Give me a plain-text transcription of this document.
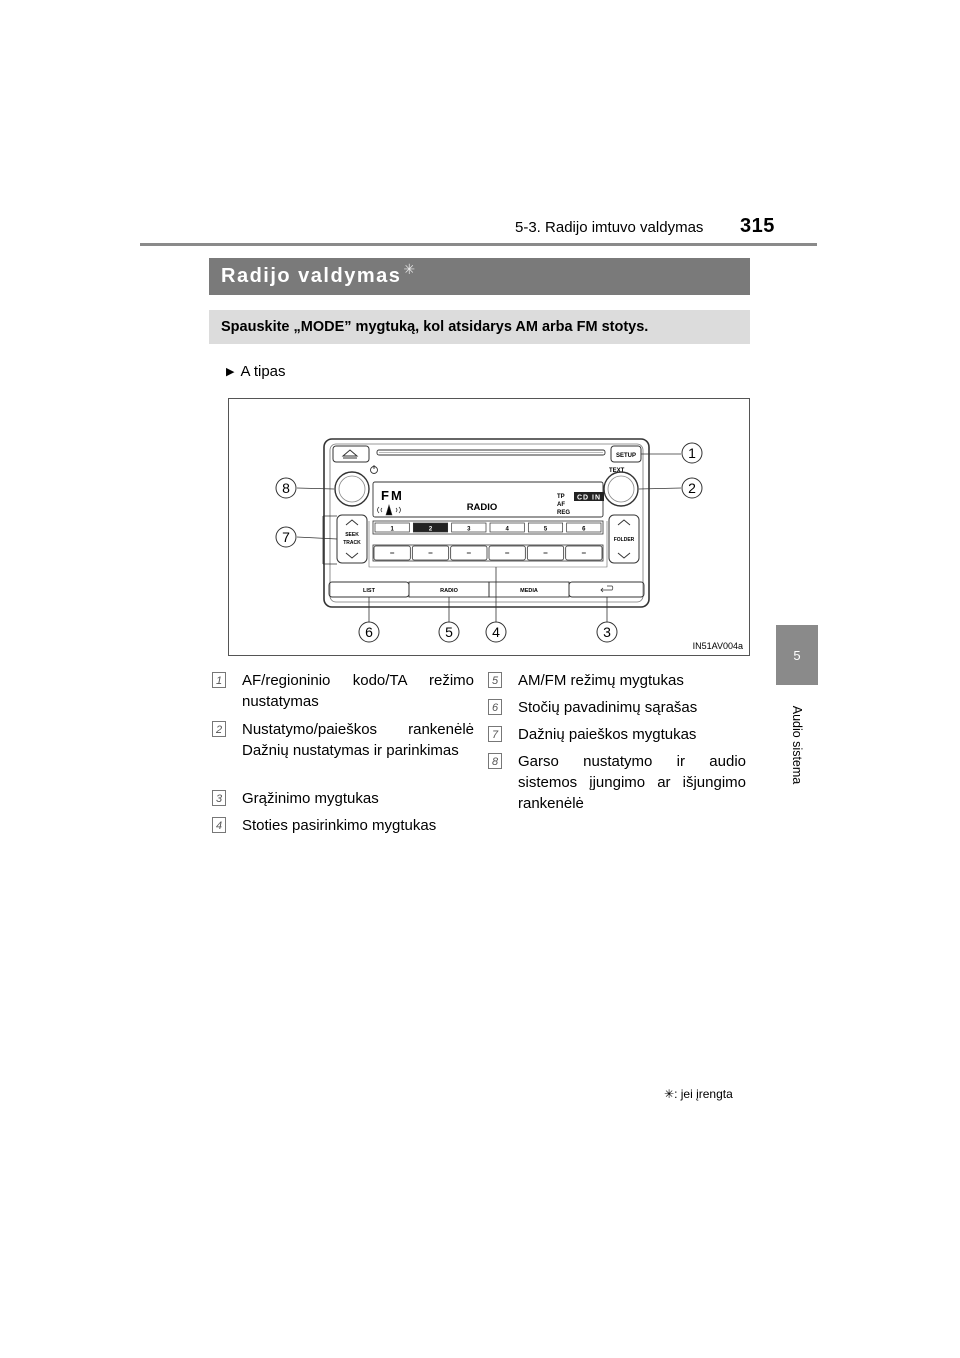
5-3. Radijo imtuvo valdymas 315
5
Audio sistema
Radijo valdymas ✳
Spauskite „MODE” mygtuką, kol atsidarys AM arba FM stotys.
▶ A tipas
SETUP
TEXT
FM
RADIO
TP
AF
REG
CD IN
SEEK
TRACK	FOLDER
1	2	3	4	5	6
LIST	RADIO	MEDIA
1
2
3
4
5
6
7
8
IN51AV004a
1 AF/regioninio kodo/TA režimo nustatymas
2 Nustatymo/paieškos rankenėlė Dažnių nustatymas ir parinkimas
3 Grąžinimo mygtukas
4 Stoties pasirinkimo mygtukas
5 AM/FM režimų mygtukas
6 Stočių pavadinimų sąrašas
7 Dažnių paieškos mygtukas
8 Garso nustatymo ir audio sistemos įjungimo ar išjungimo rankenėlė
✳: jei įrengta
